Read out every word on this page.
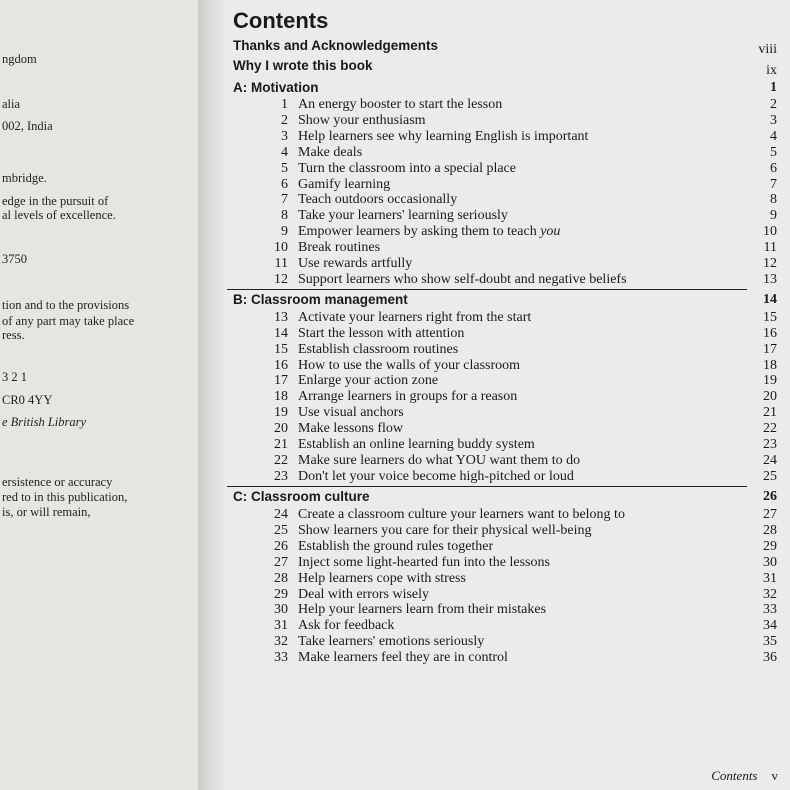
ngdom
alia
002, India
mbridge.
edge in the pursuit of
al levels of excellence.
3750
tion and to the provisions
of any part may take place
ress.
3 2 1
CR0 4YY
e British Library
ersistence or accuracy
red to in this publication,
is, or will remain,
Contents
Thanks and Acknowledgements	viii
Why I wrote this book	ix
A: Motivation	1
1 An energy booster to start the lesson	2
2 Show your enthusiasm	3
3 Help learners see why learning English is important	4
4 Make deals	5
5 Turn the classroom into a special place	6
6 Gamify learning	7
7 Teach outdoors occasionally	8
8 Take your learners' learning seriously	9
9 Empower learners by asking them to teach you	10
10 Break routines	11
11 Use rewards artfully	12
12 Support learners who show self-doubt and negative beliefs	13
B: Classroom management	14
13 Activate your learners right from the start	15
14 Start the lesson with attention	16
15 Establish classroom routines	17
16 How to use the walls of your classroom	18
17 Enlarge your action zone	19
18 Arrange learners in groups for a reason	20
19 Use visual anchors	21
20 Make lessons flow	22
21 Establish an online learning buddy system	23
22 Make sure learners do what YOU want them to do	24
23 Don't let your voice become high-pitched or loud	25
C: Classroom culture	26
24 Create a classroom culture your learners want to belong to	27
25 Show learners you care for their physical well-being	28
26 Establish the ground rules together	29
27 Inject some light-hearted fun into the lessons	30
28 Help learners cope with stress	31
29 Deal with errors wisely	32
30 Help your learners learn from their mistakes	33
31 Ask for feedback	34
32 Take learners' emotions seriously	35
33 Make learners feel they are in control	36
Contents v
